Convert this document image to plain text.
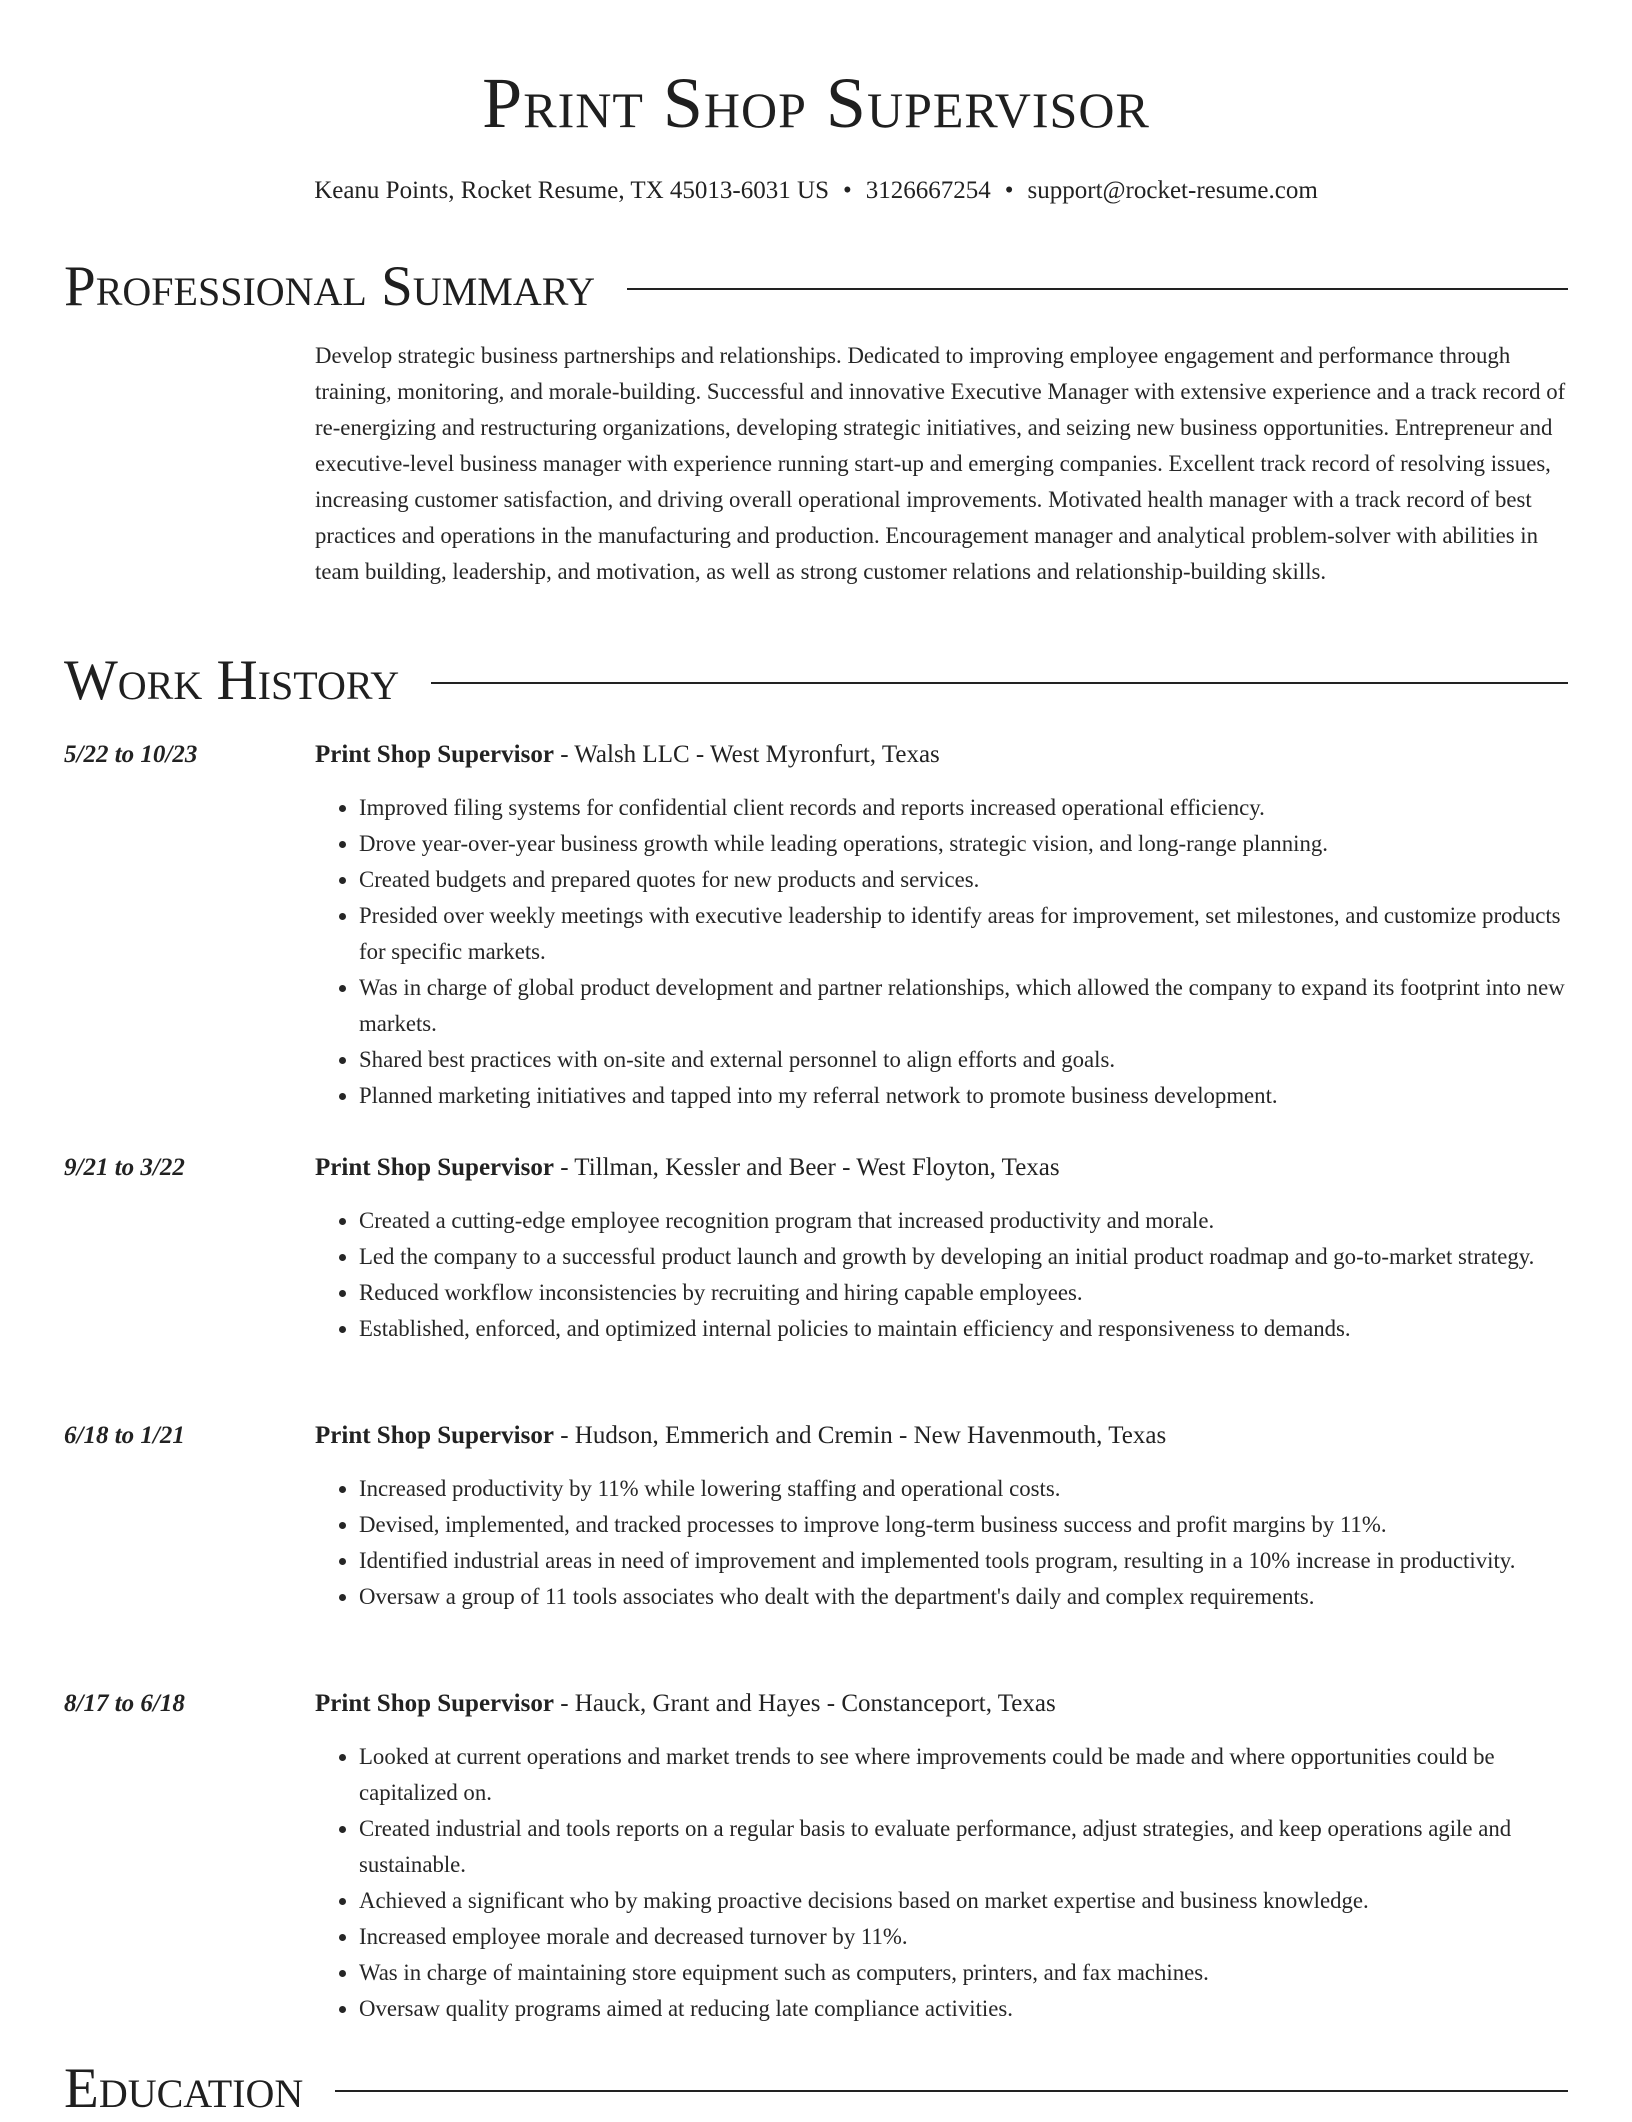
Print Shop Supervisor
Keanu Points, Rocket Resume, TX 45013-6031 US • 3126667254 • support@rocket-resume.com
Professional Summary
Develop strategic business partnerships and relationships. Dedicated to improving employee engagement and performance through training, monitoring, and morale-building. Successful and innovative Executive Manager with extensive experience and a track record of re-energizing and restructuring organizations, developing strategic initiatives, and seizing new business opportunities. Entrepreneur and executive-level business manager with experience running start-up and emerging companies. Excellent track record of resolving issues, increasing customer satisfaction, and driving overall operational improvements. Motivated health manager with a track record of best practices and operations in the manufacturing and production. Encouragement manager and analytical problem-solver with abilities in team building, leadership, and motivation, as well as strong customer relations and relationship-building skills.
Work History
5/22 to 10/23	Print Shop Supervisor - Walsh LLC - West Myronfurt, Texas
• Improved filing systems for confidential client records and reports increased operational efficiency.
• Drove year-over-year business growth while leading operations, strategic vision, and long-range planning.
• Created budgets and prepared quotes for new products and services.
• Presided over weekly meetings with executive leadership to identify areas for improvement, set milestones, and customize products for specific markets.
• Was in charge of global product development and partner relationships, which allowed the company to expand its footprint into new markets.
• Shared best practices with on-site and external personnel to align efforts and goals.
• Planned marketing initiatives and tapped into my referral network to promote business development.
9/21 to 3/22	Print Shop Supervisor - Tillman, Kessler and Beer - West Floyton, Texas
• Created a cutting-edge employee recognition program that increased productivity and morale.
• Led the company to a successful product launch and growth by developing an initial product roadmap and go-to-market strategy.
• Reduced workflow inconsistencies by recruiting and hiring capable employees.
• Established, enforced, and optimized internal policies to maintain efficiency and responsiveness to demands.
6/18 to 1/21	Print Shop Supervisor - Hudson, Emmerich and Cremin - New Havenmouth, Texas
• Increased productivity by 11% while lowering staffing and operational costs.
• Devised, implemented, and tracked processes to improve long-term business success and profit margins by 11%.
• Identified industrial areas in need of improvement and implemented tools program, resulting in a 10% increase in productivity.
• Oversaw a group of 11 tools associates who dealt with the department's daily and complex requirements.
8/17 to 6/18	Print Shop Supervisor - Hauck, Grant and Hayes - Constanceport, Texas
• Looked at current operations and market trends to see where improvements could be made and where opportunities could be capitalized on.
• Created industrial and tools reports on a regular basis to evaluate performance, adjust strategies, and keep operations agile and sustainable.
• Achieved a significant who by making proactive decisions based on market expertise and business knowledge.
• Increased employee morale and decreased turnover by 11%.
• Was in charge of maintaining store equipment such as computers, printers, and fax machines.
• Oversaw quality programs aimed at reducing late compliance activities.
Education
